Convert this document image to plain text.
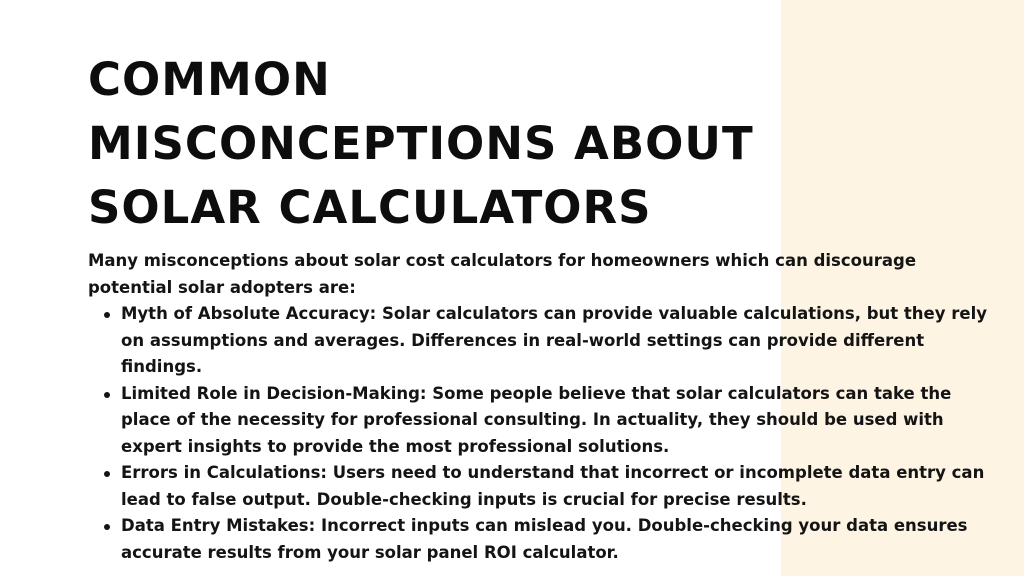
COMMON
MISCONCEPTIONS ABOUT
SOLAR CALCULATORS

Many misconceptions about solar cost calculators for homeowners which can discourage potential solar adopters are:

Myth of Absolute Accuracy: Solar calculators can provide valuable calculations, but they rely on assumptions and averages. Differences in real-world settings can provide different findings.
Limited Role in Decision-Making: Some people believe that solar calculators can take the place of the necessity for professional consulting. In actuality, they should be used with expert insights to provide the most professional solutions.
Errors in Calculations: Users need to understand that incorrect or incomplete data entry can lead to false output. Double-checking inputs is crucial for precise results.
Data Entry Mistakes: Incorrect inputs can mislead you. Double-checking your data ensures accurate results from your solar panel ROI calculator.
